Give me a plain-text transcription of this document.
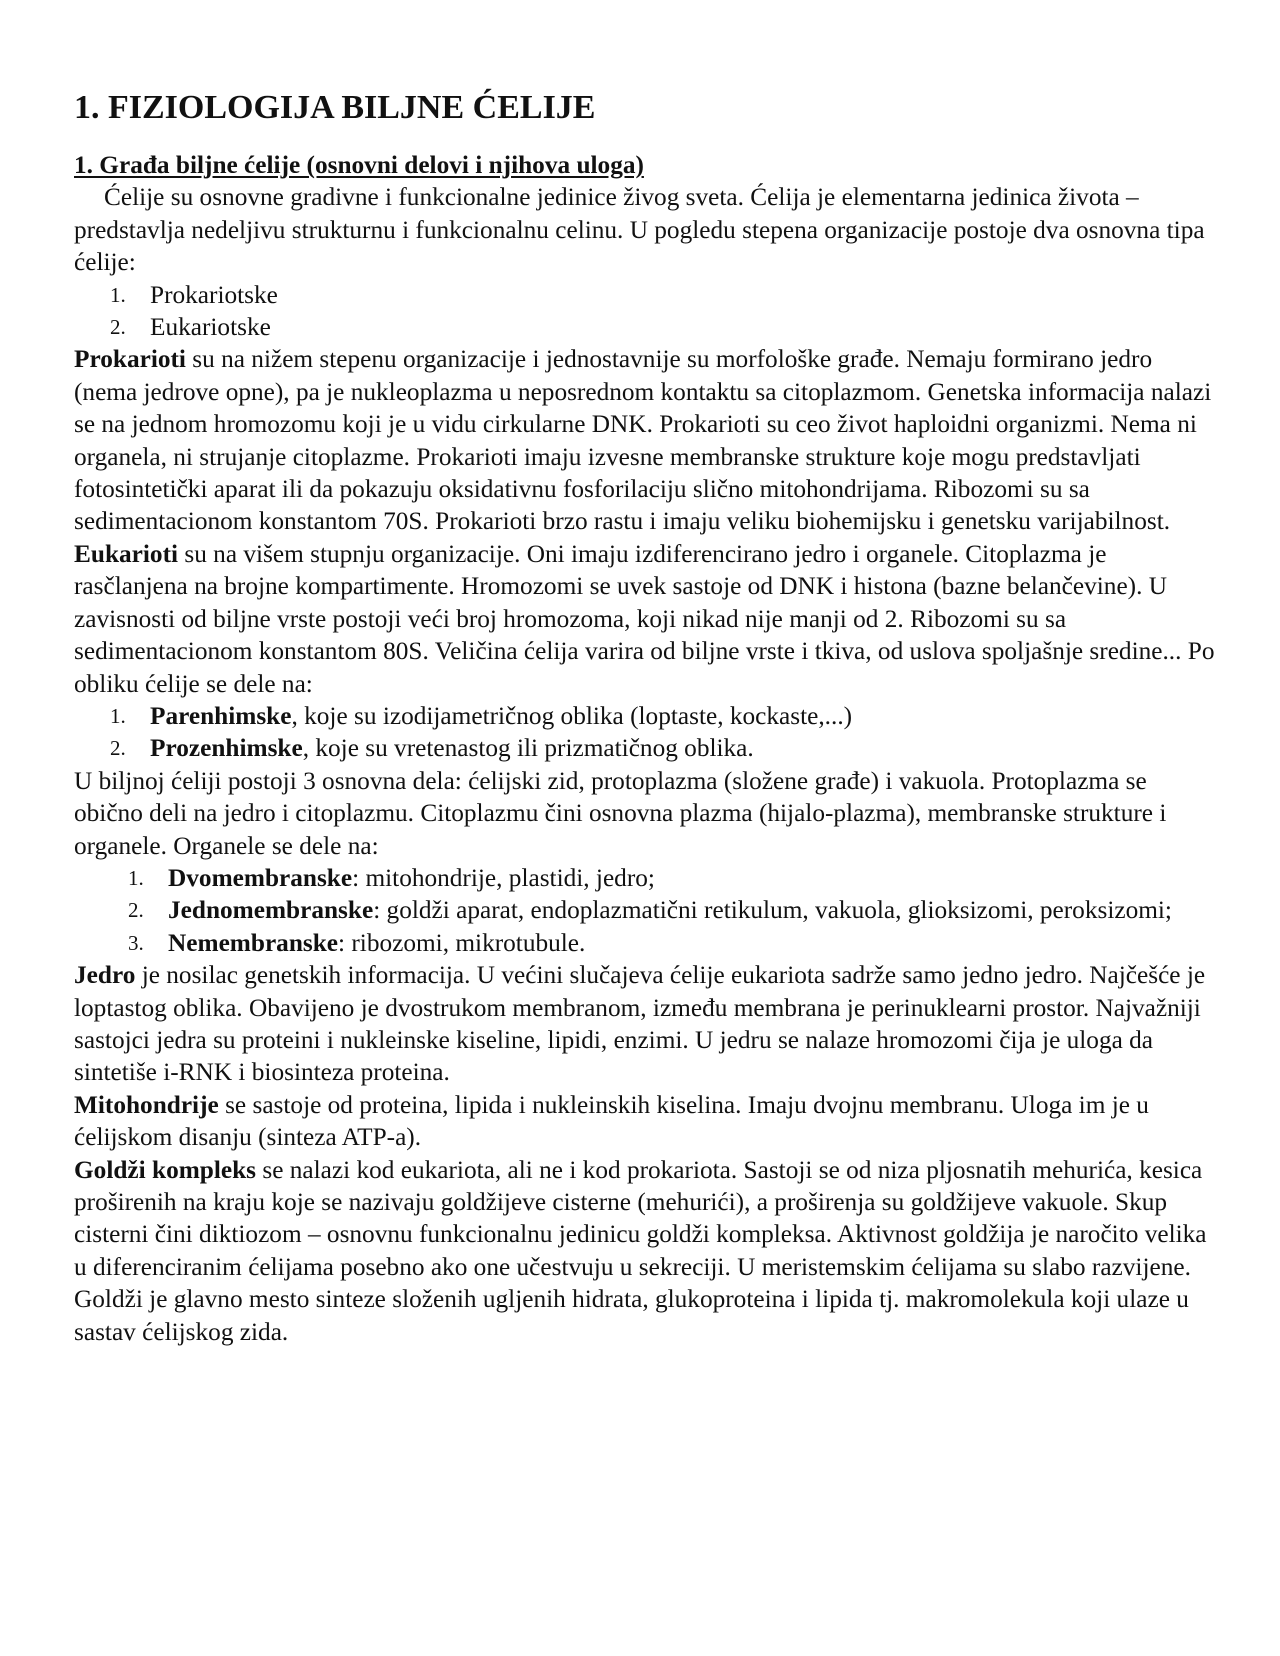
1. FIZIOLOGIJA BILJNE ĆELIJE
1. Građa biljne ćelije (osnovni delovi i njihova uloga)

Ćelije su osnovne gradivne i funkcionalne jedinice živog sveta. Ćelija je elementarna jedinica života – predstavlja nedeljivu strukturnu i funkcionalnu celinu. U pogledu stepena organizacije postoje dva osnovna tipa ćelije:

1. Prokariotske
2. Eukariotske

Prokarioti su na nižem stepenu organizacije i jednostavnije su morfološke građe. Nemaju formirano jedro (nema jedrove opne), pa je nukleoplazma u neposrednom kontaktu sa citoplazmom. Genetska informacija nalazi se na jednom hromozomu koji je u vidu cirkularne DNK. Prokarioti su ceo život haploidni organizmi. Nema ni organela, ni strujanje citoplazme. Prokarioti imaju izvesne membranske strukture koje mogu predstavljati fotosintetički aparat ili da pokazuju oksidativnu fosforilaciju slično mitohondrijama. Ribozomi su sa sedimentacionom konstantom 70S. Prokarioti brzo rastu i imaju veliku biohemijsku i genetsku varijabilnost.

Eukarioti su na višem stupnju organizacije. Oni imaju izdiferencirano jedro i organele. Citoplazma je rasčlanjena na brojne kompartimente. Hromozomi se uvek sastoje od DNK i histona (bazne belančevine). U zavisnosti od biljne vrste postoji veći broj hromozoma, koji nikad nije manji od 2. Ribozomi su sa sedimentacionom konstantom 80S. Veličina ćelija varira od biljne vrste i tkiva, od uslova spoljašnje sredine... Po obliku ćelije se dele na:

1. Parenhimske, koje su izodijametričnog oblika (loptaste, kockaste,...)
2. Prozenhimske, koje su vretenastog ili prizmatičnog oblika.

U biljnoj ćeliji postoji 3 osnovna dela: ćelijski zid, protoplazma (složene građe) i vakuola. Protoplazma se obično deli na jedro i citoplazmu. Citoplazmu čini osnovna plazma (hijalo-plazma), membranske strukture i organele. Organele se dele na:

1. Dvomembranske: mitohondrije, plastidi, jedro;
2. Jednomembranske: goldži aparat, endoplazmatični retikulum, vakuola, glioksizomi, peroksizomi;
3. Nemembranske: ribozomi, mikrotubule.

Jedro je nosilac genetskih informacija. U većini slučajeva ćelije eukariota sadrže samo jedno jedro. Najčešće je loptastog oblika. Obavijeno je dvostrukom membranom, između membrana je perinuklearni prostor. Najvažniji sastojci jedra su proteini i nukleinske kiseline, lipidi, enzimi. U jedru se nalaze hromozomi čija je uloga da sintetiše i-RNK i biosinteza proteina.

Mitohondrije se sastoje od proteina, lipida i nukleinskih kiselina. Imaju dvojnu membranu. Uloga im je u ćelijskom disanju (sinteza ATP-a).

Goldži kompleks se nalazi kod eukariota, ali ne i kod prokariota. Sastoji se od niza pljosnatih mehurića, kesica proširenih na kraju koje se nazivaju goldžijeve cisterne (mehurići), a proširenja su goldžijeve vakuole. Skup cisterni čini diktiozom – osnovnu funkcionalnu jedinicu goldži kompleksa. Aktivnost goldžija je naročito velika u diferenciranim ćelijama posebno ako one učestvuju u sekreciji. U meristemskim ćelijama su slabo razvijene. Goldži je glavno mesto sinteze složenih ugljenih hidrata, glukoproteina i lipida tj. makromolekula koji ulaze u sastav ćelijskog zida.
